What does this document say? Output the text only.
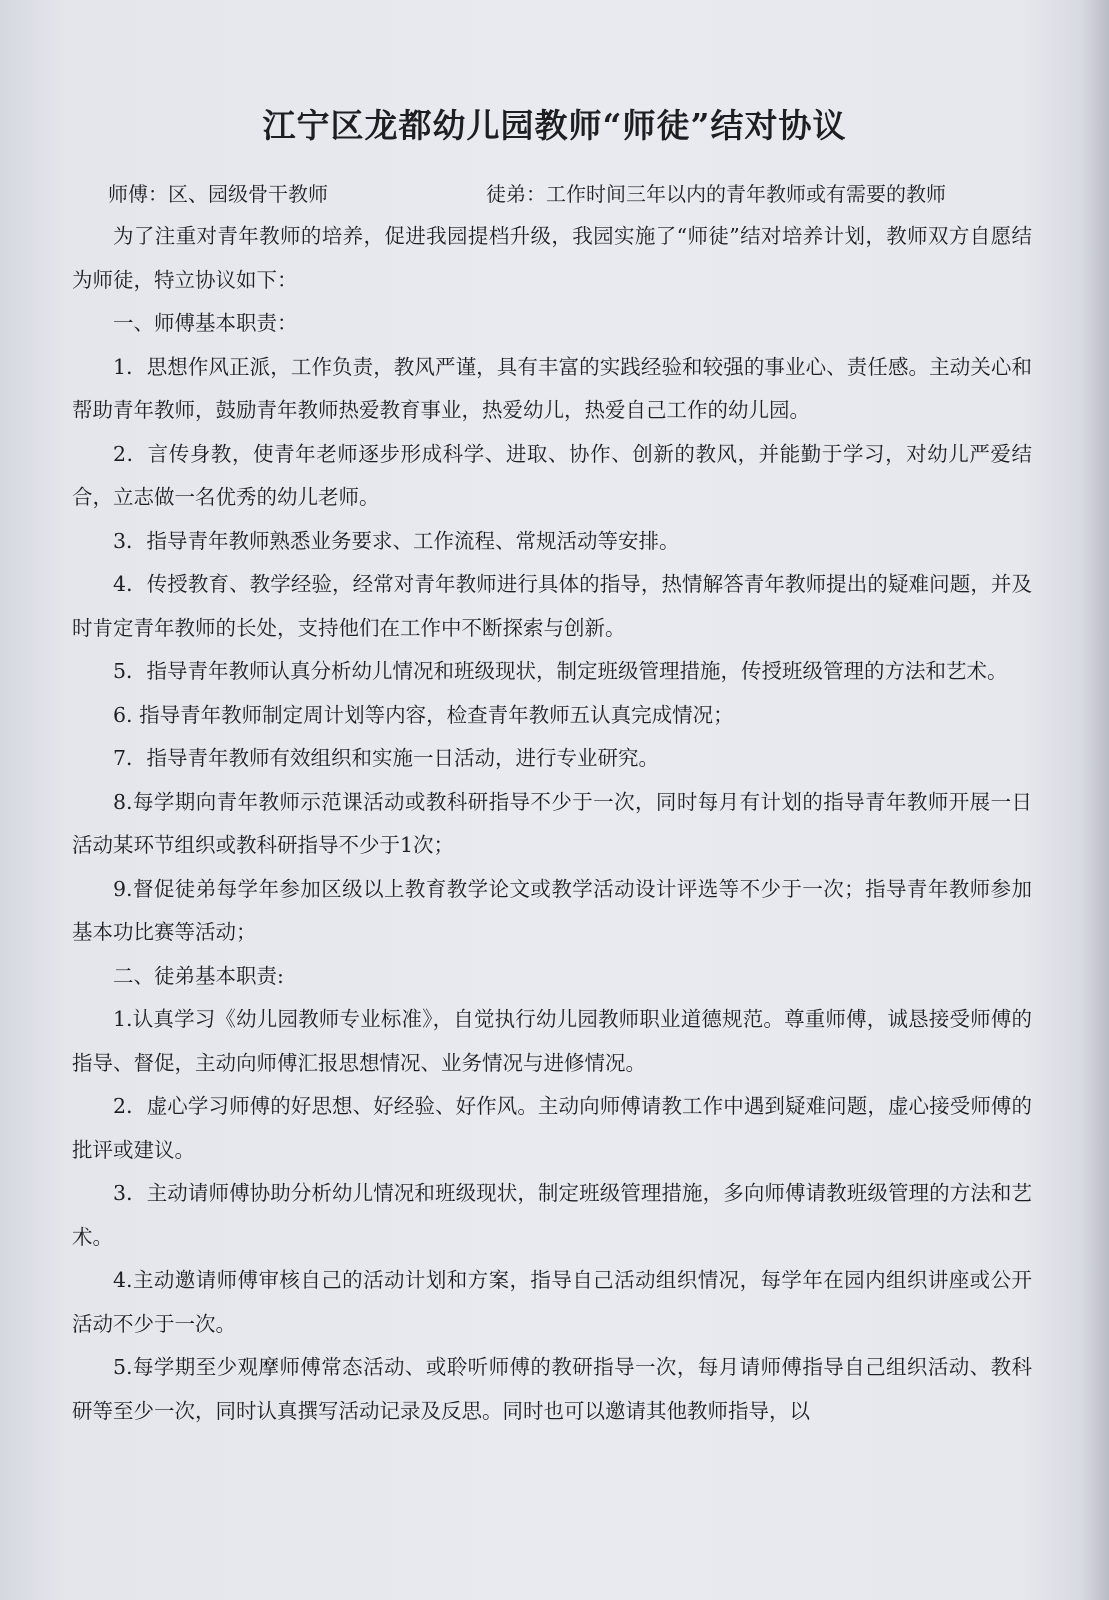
江宁区龙都幼儿园教师“师徒”结对协议
师傅：区、园级骨干教师	徒弟：工作时间三年以内的青年教师或有需要的教师

为了注重对青年教师的培养，促进我园提档升级，我园实施了“师徒”结对培养计划，教师双方自愿结为师徒，特立协议如下：

一、师傅基本职责：

1．思想作风正派，工作负责，教风严谨，具有丰富的实践经验和较强的事业心、责任感。主动关心和帮助青年教师，鼓励青年教师热爱教育事业，热爱幼儿，热爱自己工作的幼儿园。

2．言传身教，使青年老师逐步形成科学、进取、协作、创新的教风，并能勤于学习，对幼儿严爱结合，立志做一名优秀的幼儿老师。

3．指导青年教师熟悉业务要求、工作流程、常规活动等安排。

4．传授教育、教学经验，经常对青年教师进行具体的指导，热情解答青年教师提出的疑难问题，并及时肯定青年教师的长处，支持他们在工作中不断探索与创新。

5．指导青年教师认真分析幼儿情况和班级现状，制定班级管理措施，传授班级管理的方法和艺术。

6. 指导青年教师制定周计划等内容，检查青年教师五认真完成情况；

7．指导青年教师有效组织和实施一日活动，进行专业研究。

8.每学期向青年教师示范课活动或教科研指导不少于一次，同时每月有计划的指导青年教师开展一日活动某环节组织或教科研指导不少于1次；

9.督促徒弟每学年参加区级以上教育教学论文或教学活动设计评选等不少于一次；指导青年教师参加基本功比赛等活动；

二、徒弟基本职责:

1.认真学习《幼儿园教师专业标准》，自觉执行幼儿园教师职业道德规范。尊重师傅，诚恳接受师傅的指导、督促，主动向师傅汇报思想情况、业务情况与进修情况。

2．虚心学习师傅的好思想、好经验、好作风。主动向师傅请教工作中遇到疑难问题，虚心接受师傅的批评或建议。

3．主动请师傅协助分析幼儿情况和班级现状，制定班级管理措施，多向师傅请教班级管理的方法和艺术。

4.主动邀请师傅审核自己的活动计划和方案，指导自己活动组织情况，每学年在园内组织讲座或公开活动不少于一次。

5.每学期至少观摩师傅常态活动、或聆听师傅的教研指导一次，每月请师傅指导自己组织活动、教科研等至少一次，同时认真撰写活动记录及反思。同时也可以邀请其他教师指导，以
